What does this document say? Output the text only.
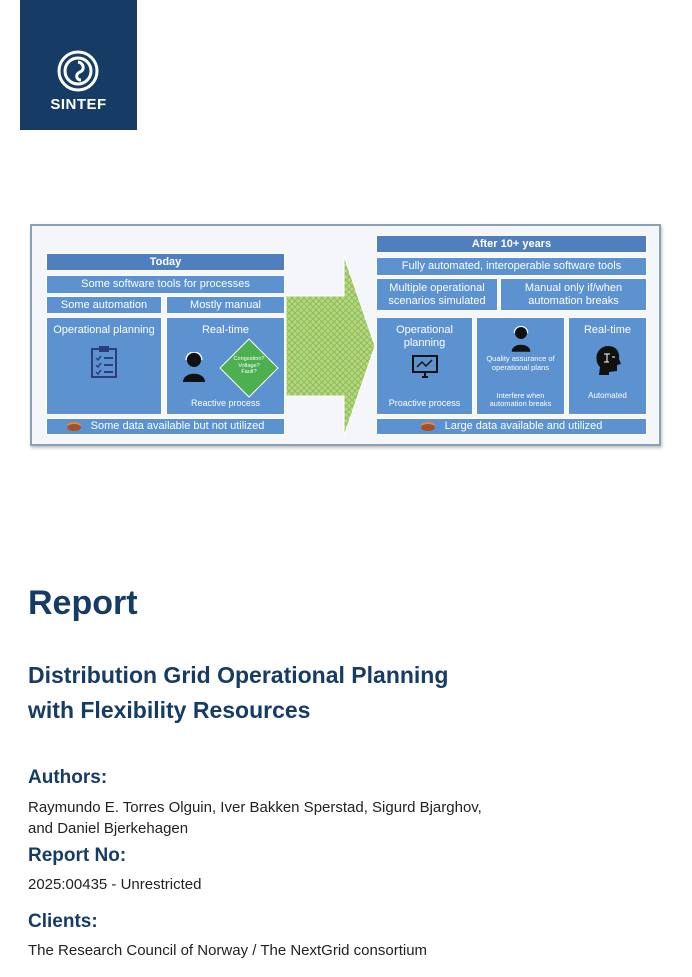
SINTEF
Today
Some software tools for processes
Some automation	Mostly manual
Operational planning	Real-time
Congestion? Voltage? Fault?
Reactive process
Some data available but not utilized
After 10+ years
Fully automated, interoperable software tools
Multiple operational scenarios simulated
Manual only if/when automation breaks
Operational planning
Proactive process
Quality assurance of operational plans
Interfere when automation breaks
Real-time
Automated
Large data available and utilized
Report
Distribution Grid Operational Planning
with Flexibility Resources
Authors:
Raymundo E. Torres Olguin, Iver Bakken Sperstad, Sigurd Bjarghov,
and Daniel Bjerkehagen
Report No:
2025:00435 - Unrestricted
Clients:
The Research Council of Norway / The NextGrid consortium
